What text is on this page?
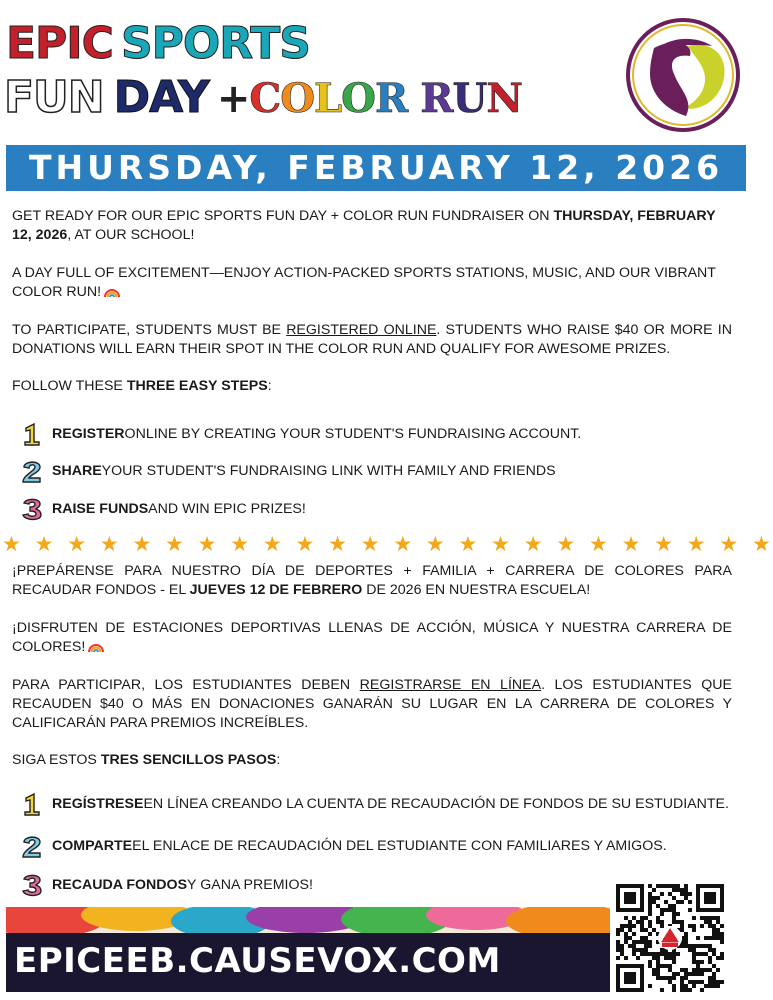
EPIC SPORTS
FUN DAY +COLOR RUN
THURSDAY, FEBRUARY 12, 2026
GET READY FOR OUR EPIC SPORTS FUN DAY + COLOR RUN FUNDRAISER ON THURSDAY, FEBRUARY 12, 2026, AT OUR SCHOOL!
A DAY FULL OF EXCITEMENT—ENJOY ACTION-PACKED SPORTS STATIONS, MUSIC, AND OUR VIBRANT COLOR RUN!
TO PARTICIPATE, STUDENTS MUST BE REGISTERED ONLINE. STUDENTS WHO RAISE $40 OR MORE IN DONATIONS WILL EARN THEIR SPOT IN THE COLOR RUN AND QUALIFY FOR AWESOME PRIZES.
FOLLOW THESE THREE EASY STEPS:
REGISTER ONLINE BY CREATING YOUR STUDENT'S FUNDRAISING ACCOUNT.
SHARE YOUR STUDENT'S FUNDRAISING LINK WITH FAMILY AND FRIENDS
RAISE FUNDS AND WIN EPIC PRIZES!
★ ★ ★ ★ ★ ★ ★ ★ ★ ★ ★ ★ ★ ★ ★ ★ ★ ★ ★ ★ ★ ★ ★ ★
¡PREPÁRENSE PARA NUESTRO DÍA DE DEPORTES + FAMILIA + CARRERA DE COLORES PARA RECAUDAR FONDOS - EL JUEVES 12 DE FEBRERO DE 2026 EN NUESTRA ESCUELA!
¡DISFRUTEN DE ESTACIONES DEPORTIVAS LLENAS DE ACCIÓN, MÚSICA Y NUESTRA CARRERA DE COLORES!
PARA PARTICIPAR, LOS ESTUDIANTES DEBEN REGISTRARSE EN LÍNEA. LOS ESTUDIANTES QUE RECAUDEN $40 O MÁS EN DONACIONES GANARÁN SU LUGAR EN LA CARRERA DE COLORES Y CALIFICARÁN PARA PREMIOS INCREÍBLES.
SIGA ESTOS TRES SENCILLOS PASOS:
REGÍSTRESE EN LÍNEA CREANDO LA CUENTA DE RECAUDACIÓN DE FONDOS DE SU ESTUDIANTE.
COMPARTE EL ENLACE DE RECAUDACIÓN DEL ESTUDIANTE CON FAMILIARES Y AMIGOS.
RECAUDA FONDOS Y GANA PREMIOS!
EPICEEB.CAUSEVOX.COM
